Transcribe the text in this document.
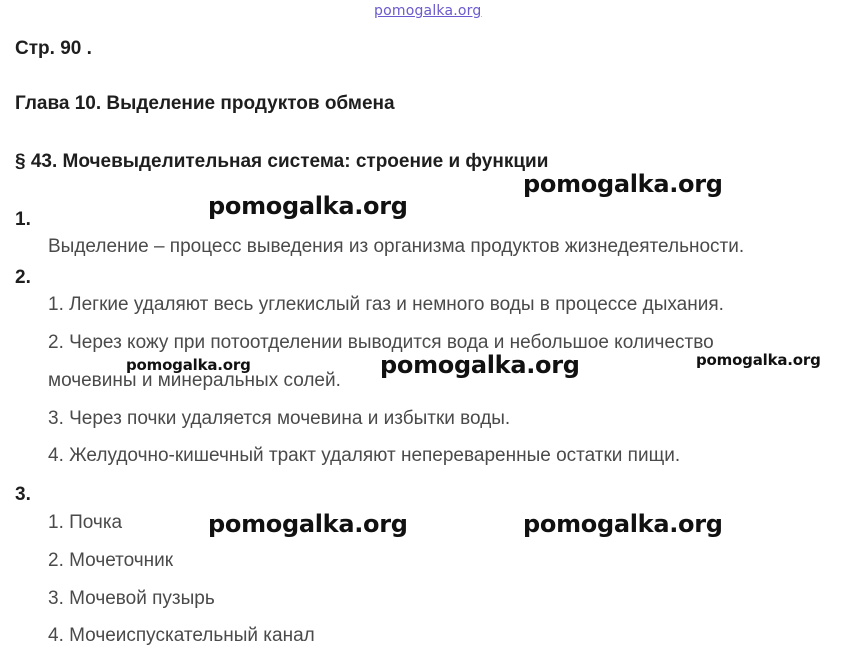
pomogalka.org
Стр. 90 .
Глава 10. Выделение продуктов обмена
§ 43. Мочевыделительная система: строение и функции
1.
Выделение – процесс выведения из организма продуктов жизнедеятельности.
2.
1. Легкие удаляют весь углекислый газ и немного воды в процессе дыхания.
2. Через кожу при потоотделении выводится вода и небольшое количество
мочевины и минеральных солей.
3. Через почки удаляется мочевина и избытки воды.
4. Желудочно-кишечный тракт удаляют непереваренные остатки пищи.
3.
1. Почка
2. Мочеточник
3. Мочевой пузырь
4. Мочеиспускательный канал
pomogalka.org
pomogalka.org
pomogalka.org	pomogalka.org	pomogalka.org
pomogalka.org	pomogalka.org
